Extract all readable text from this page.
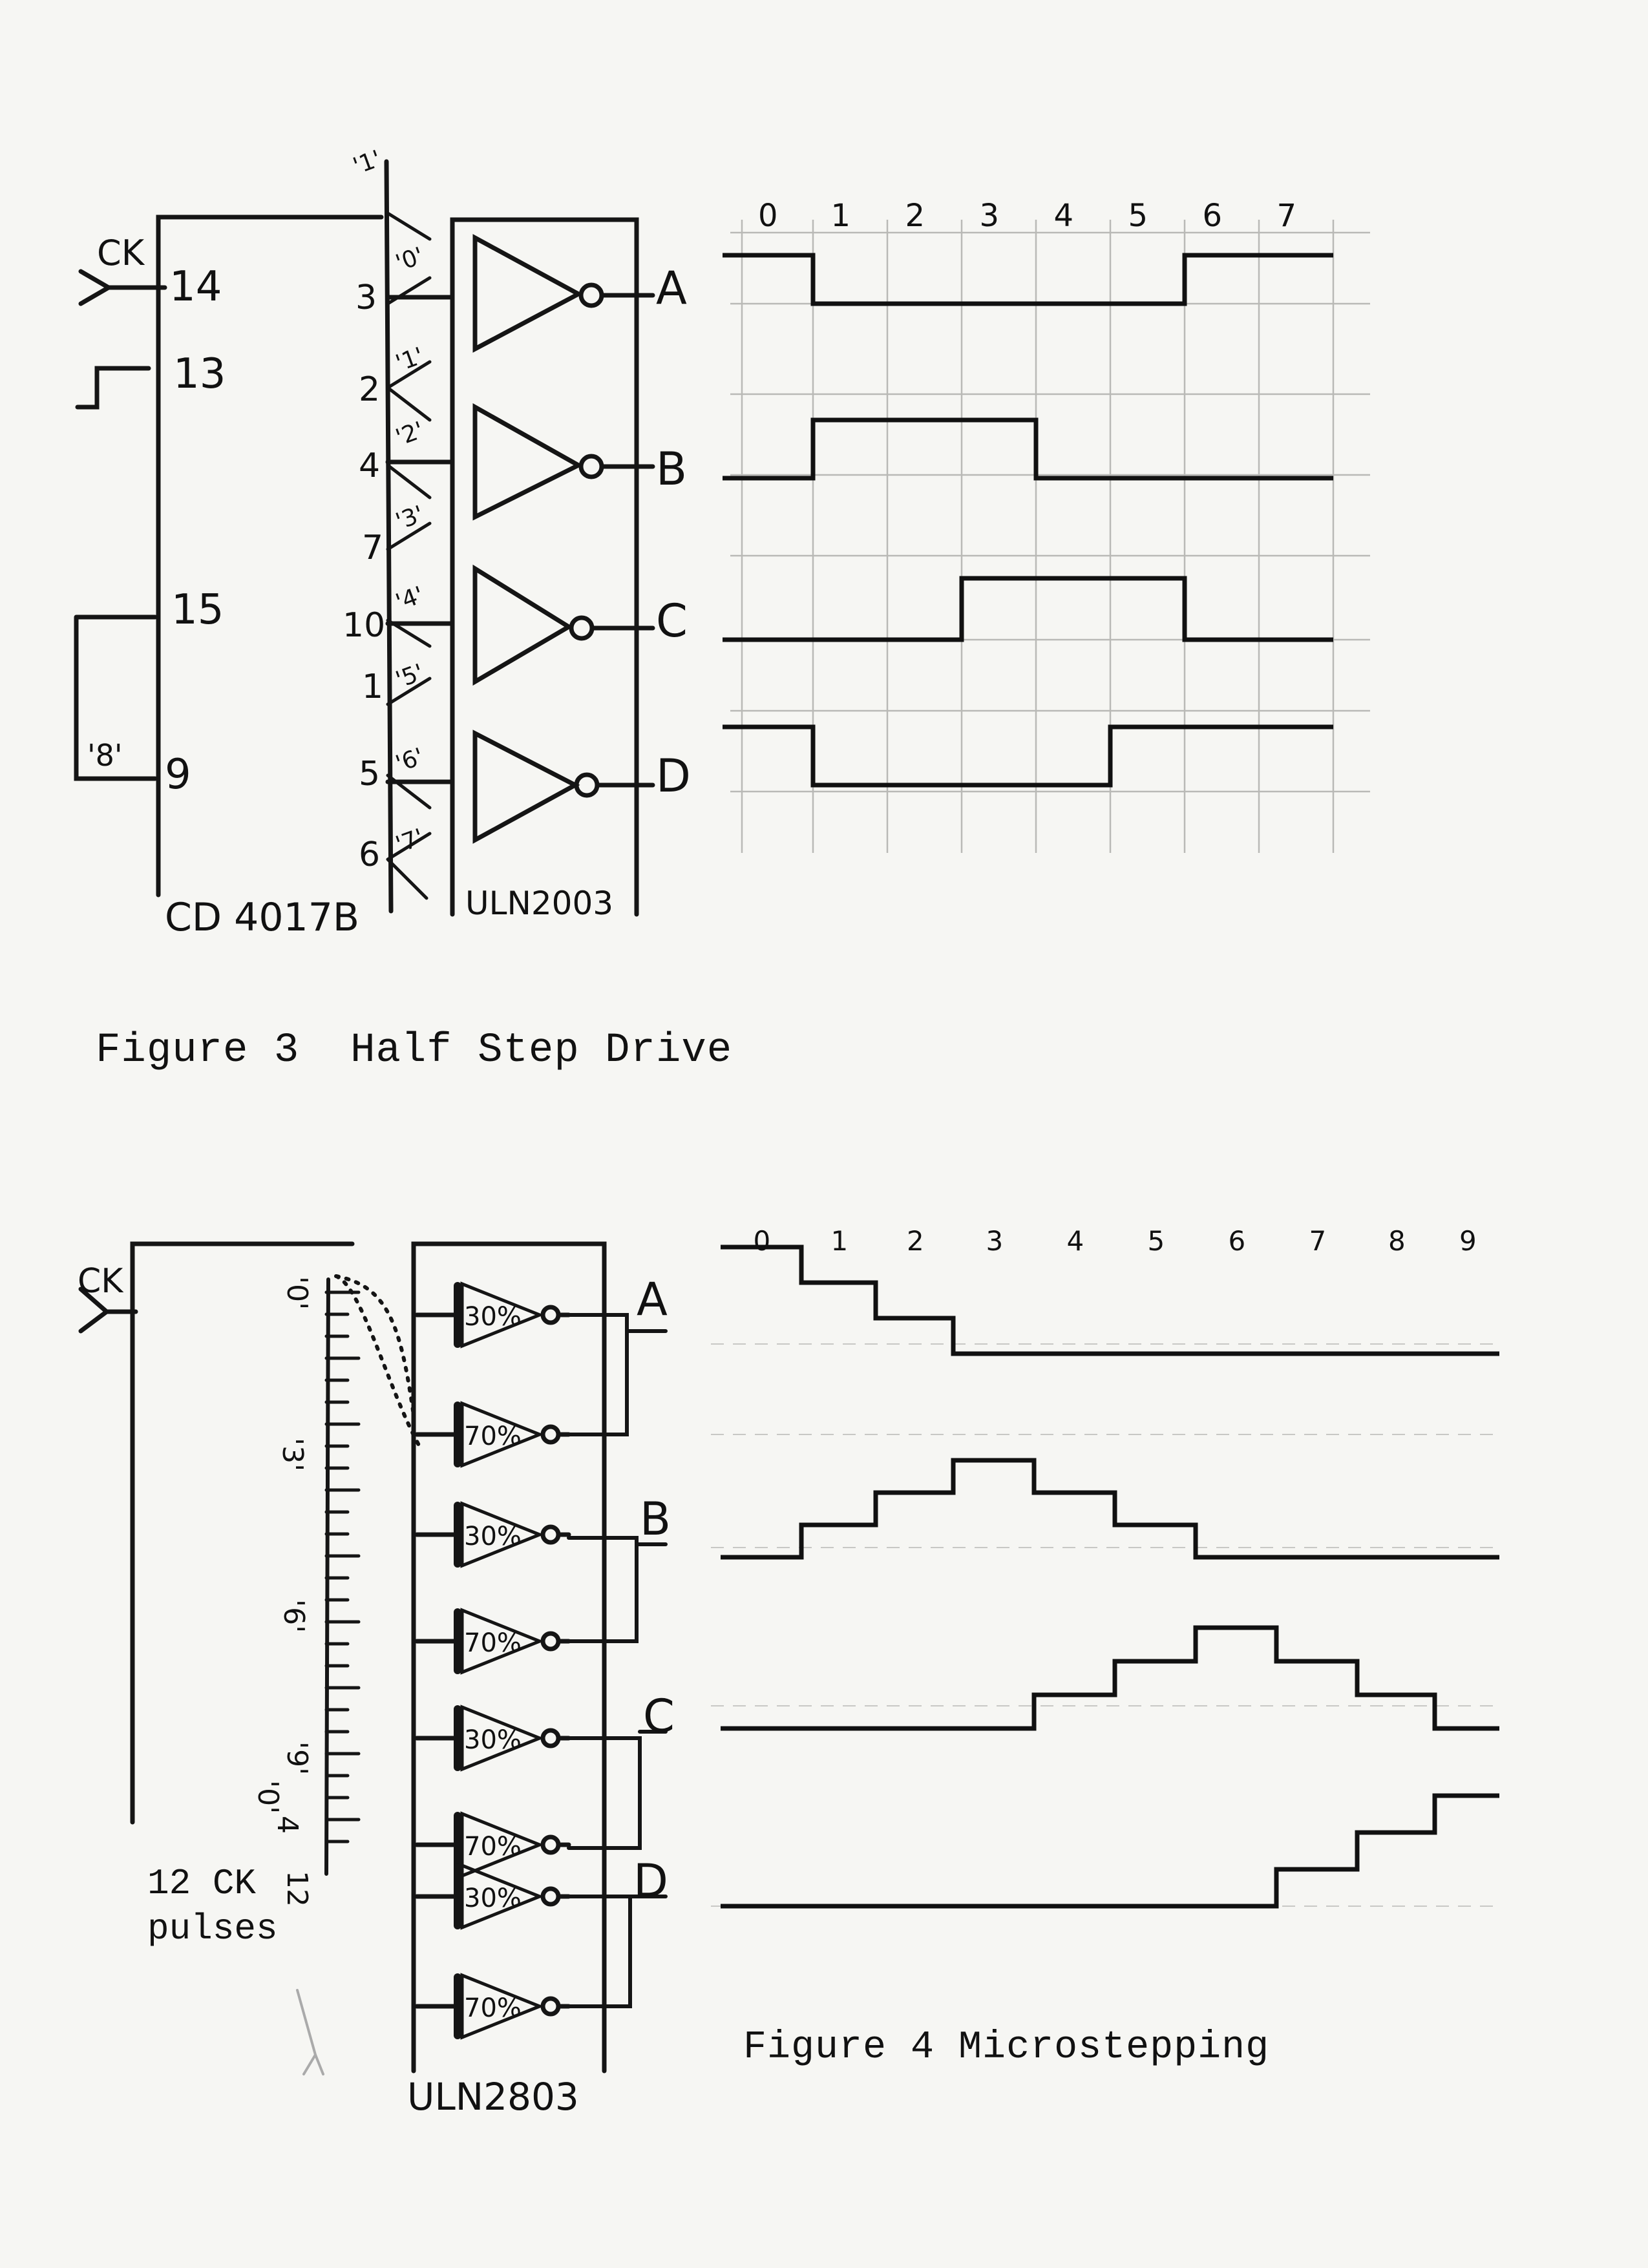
30%
70%
30%
70%
30%
70%
30%
70%
CK
14
13
15
9
'8'
CD 4017B	ULN2003
3
2
4
7
10
1
5
6
'1'
'0'
'1'
'2'
'3'
'4'
'5'
'6'
'7'
A
B
C
D
0 1 2 3 4 5 6 7
CK
ULN2803
'0'
'3'
'6'
'9'
'0'
4
12
A
B
C
D
0 1 2 3 4 5 6 7 8 9
Figure 3  Half Step Drive
Figure 4 Microstepping
12 CK
pulses
